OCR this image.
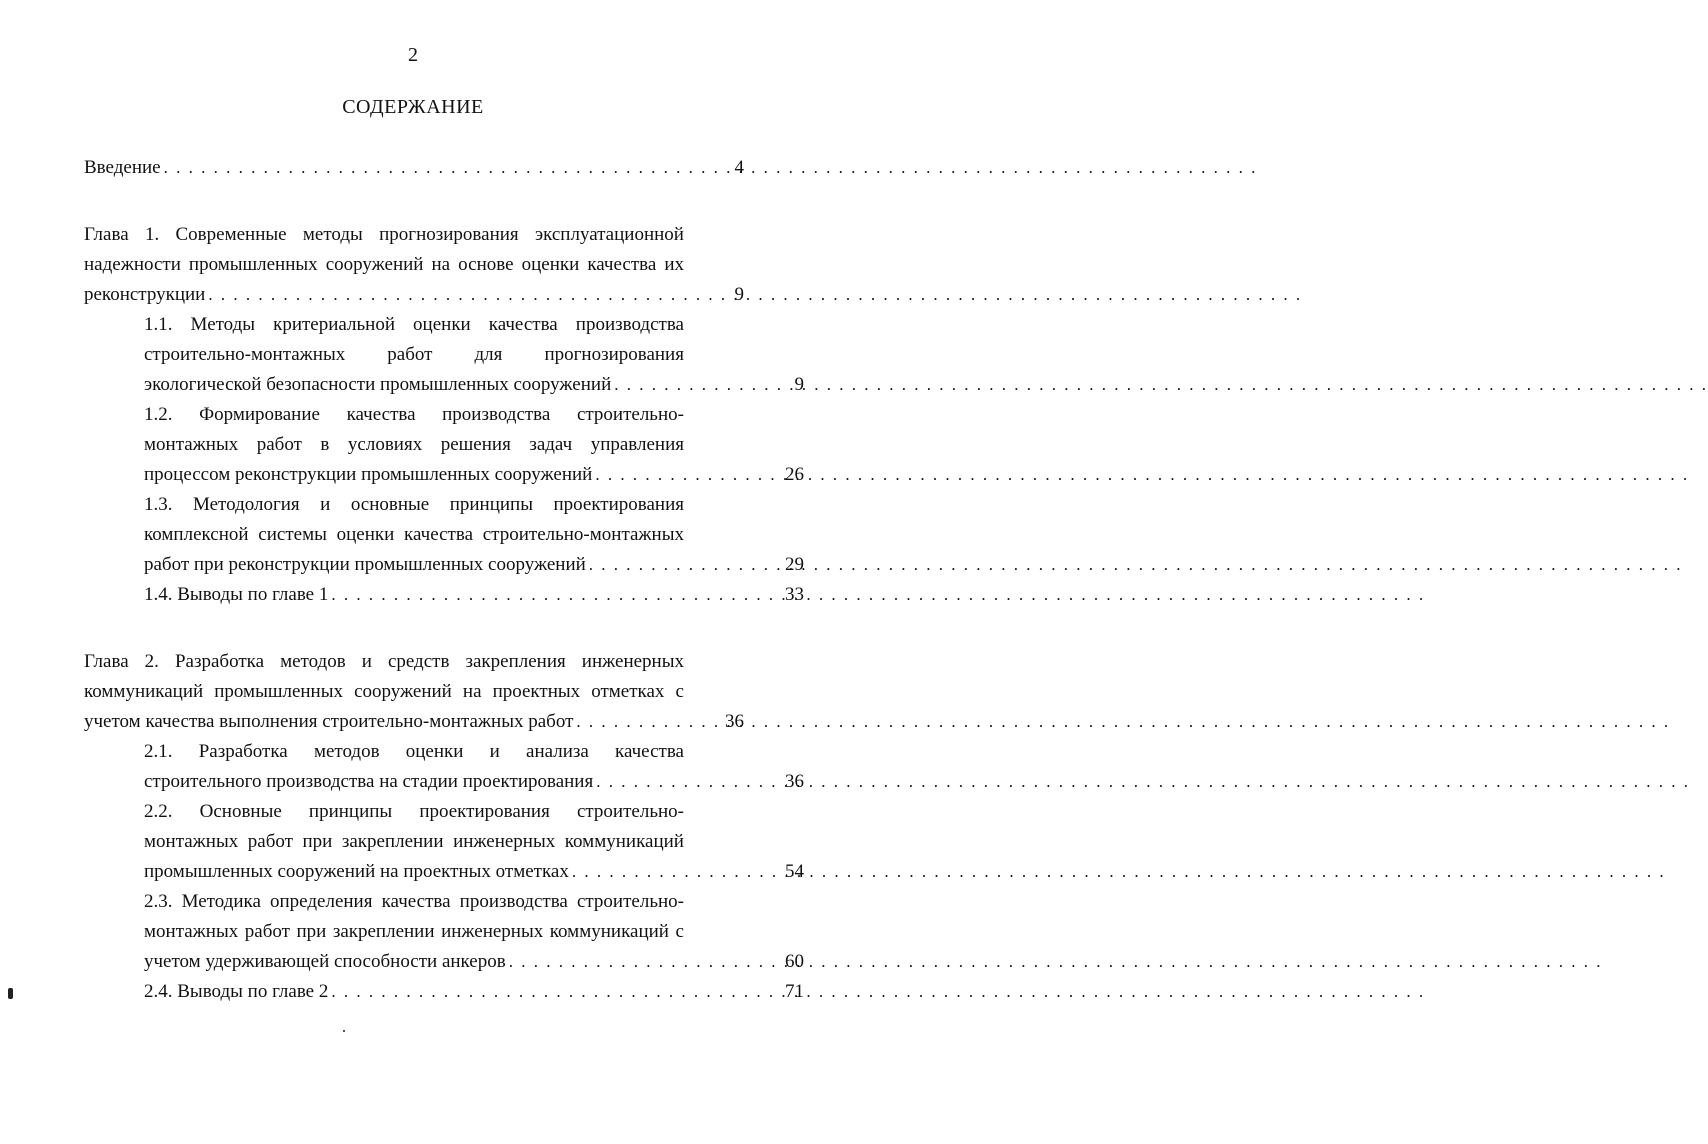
2
СОДЕРЖАНИЕ
Введение . . .	4
Глава 1. Современные методы прогнозирования эксплуатационной
надежности промышленных сооружений на основе оценки качества их
реконструкции . . .	9
1.1. Методы критериальной оценки качества производства
строительно-монтажных работ для прогнозирования
экологической безопасности промышленных сооружений . . .	9
1.2. Формирование качества производства строительно-
монтажных работ в условиях решения задач управления
процессом реконструкции промышленных сооружений . . .	26
1.3. Методология и основные принципы проектирования
комплексной системы оценки качества строительно-монтажных
работ при реконструкции промышленных сооружений . . .	29
1.4. Выводы по главе 1 . . .	33
Глава 2. Разработка методов и средств закрепления инженерных
коммуникаций промышленных сооружений на проектных отметках с
учетом качества выполнения строительно-монтажных работ . . .	36
2.1. Разработка методов оценки и анализа качества
строительного производства на стадии проектирования . . .	36
2.2. Основные принципы проектирования строительно-
монтажных работ при закреплении инженерных коммуникаций
промышленных сооружений на проектных отметках . . .	54
2.3. Методика определения качества производства строительно-
монтажных работ при закреплении инженерных коммуникаций с
учетом удерживающей способности анкеров . . .	60
2.4. Выводы по главе 2 . . .	71
